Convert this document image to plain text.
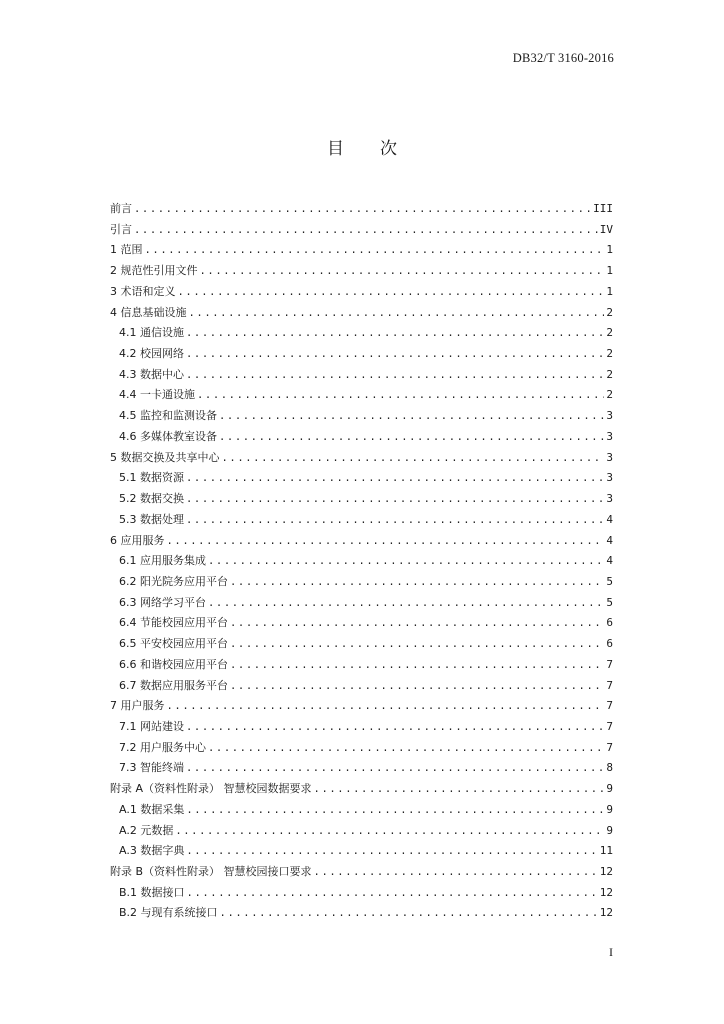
DB32/T 3160-2016
目 次
前言 .....	III
引言 .....	IV
1 范围 .....	1
2 规范性引用文件 .....	1
3 术语和定义 .....	1
4 信息基础设施 .....	2
4.1 通信设施 .....	2
4.2 校园网络 .....	2
4.3 数据中心 .....	2
4.4 一卡通设施 .....	2
4.5 监控和监测设备 .....	3
4.6 多媒体教室设备 .....	3
5 数据交换及共享中心 .....	3
5.1 数据资源 .....	3
5.2 数据交换 .....	3
5.3 数据处理 .....	4
6 应用服务 .....	4
6.1 应用服务集成 .....	4
6.2 阳光院务应用平台 .....	5
6.3 网络学习平台 .....	5
6.4 节能校园应用平台 .....	6
6.5 平安校园应用平台 .....	6
6.6 和谐校园应用平台 .....	7
6.7 数据应用服务平台 .....	7
7 用户服务 .....	7
7.1 网站建设 .....	7
7.2 用户服务中心 .....	7
7.3 智能终端 .....	8
附录 A（资料性附录） 智慧校园数据要求 .....	9
A.1 数据采集 .....	9
A.2 元数据 .....	9
A.3 数据字典 .....	11
附录 B（资料性附录） 智慧校园接口要求 .....	12
B.1 数据接口 .....	12
B.2 与现有系统接口 .....	12
I
